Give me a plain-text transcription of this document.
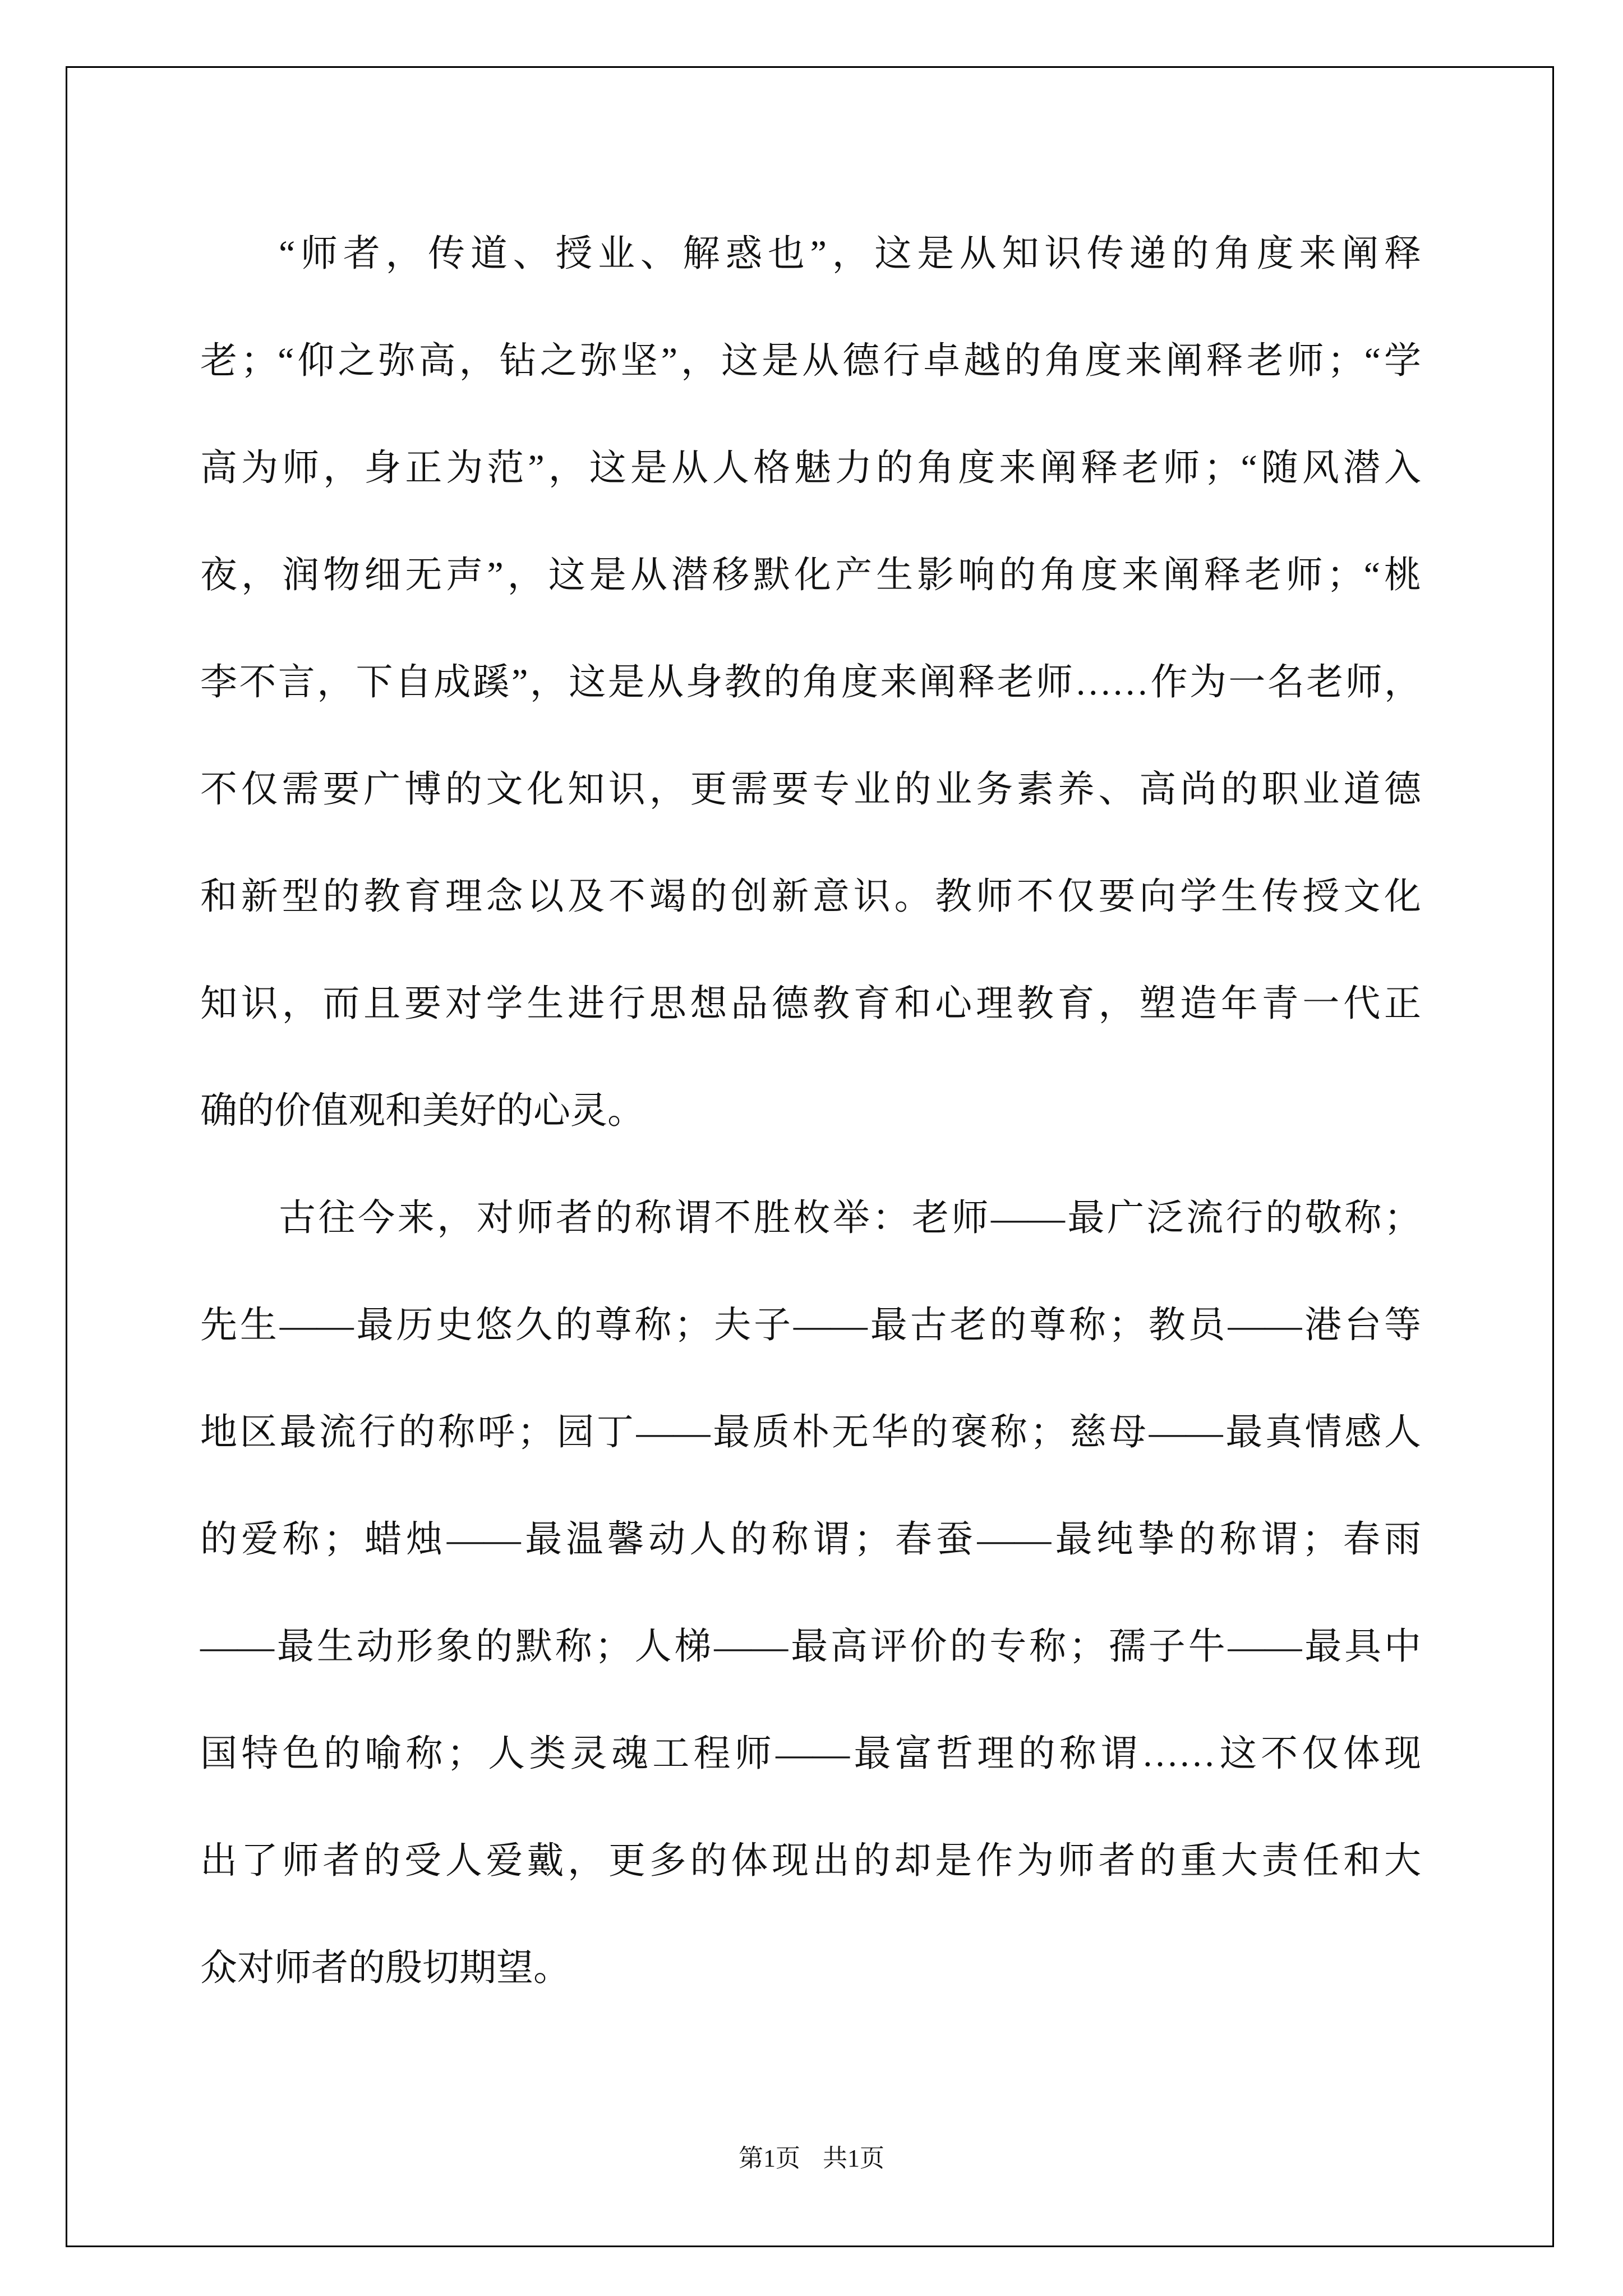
“师者，传道、授业、解惑也”，这是从知识传递的角度来阐释
老；“仰之弥高，钻之弥坚”，这是从德行卓越的角度来阐释老师；“学
高为师，身正为范”，这是从人格魅力的角度来阐释老师；“随风潜入
夜，润物细无声”，这是从潜移默化产生影响的角度来阐释老师；“桃
李不言，下自成蹊”，这是从身教的角度来阐释老师……作为一名老师，
不仅需要广博的文化知识，更需要专业的业务素养、高尚的职业道德
和新型的教育理念以及不竭的创新意识。教师不仅要向学生传授文化
知识，而且要对学生进行思想品德教育和心理教育，塑造年青一代正
确的价值观和美好的心灵。
古往今来，对师者的称谓不胜枚举：老师——最广泛流行的敬称；
先生——最历史悠久的尊称；夫子——最古老的尊称；教员——港台等
地区最流行的称呼；园丁——最质朴无华的褒称；慈母——最真情感人
的爱称；蜡烛——最温馨动人的称谓；春蚕——最纯挚的称谓；春雨
——最生动形象的默称；人梯——最高评价的专称；孺子牛——最具中
国特色的喻称；人类灵魂工程师——最富哲理的称谓……这不仅体现
出了师者的受人爱戴，更多的体现出的却是作为师者的重大责任和大
众对师者的殷切期望。
第1页 共1页
